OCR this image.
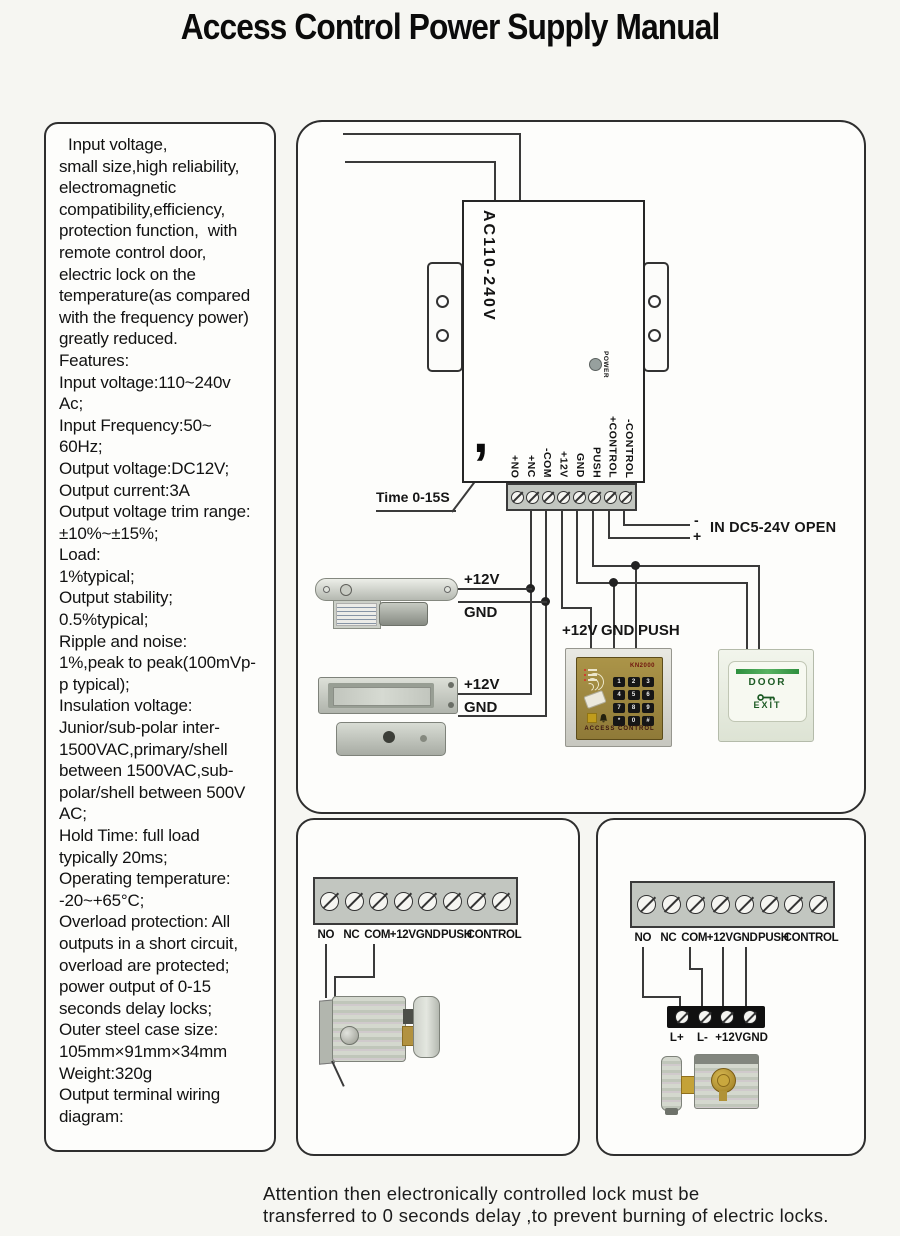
Access Control Power Supply Manual
Input voltage,
small size,high reliability,
electromagnetic
compatibility,efficiency,
protection function,  with
remote control door,
electric lock on the
temperature(as compared
with the frequency power)
greatly reduced.
Features:
Input voltage:110~240v
Ac;
Input Frequency:50~
60Hz;
Output voltage:DC12V;
Output current:3A
Output voltage trim range:
±10%~±15%;
Load:
1%typical;
Output stability;
0.5%typical;
Ripple and noise:
1%,peak to peak(100mVp-
p typical);
Insulation voltage:
Junior/sub-polar inter-
1500VAC,primary/shell
between 1500VAC,sub-
polar/shell between 500V
AC;
Hold Time: full load
typically 20ms;
Operating temperature:
-20~+65°C;
Overload protection: All
outputs in a short circuit,
overload are protected;
power output of 0-15
seconds delay locks;
Outer steel case size:
105mm×91mm×34mm
Weight:320g
Output terminal wiring
diagram:
AC110-240V
POWER
,
+NO +NC -COM +12V GND PUSH +CONTROL -CONTROL
Time 0-15S
-
+ IN DC5-24V OPEN
+12V
GND
+12V
GND
+12V GND PUSH
KN2000
1	2	3
4	5	6
7	8	9
*	0	#
ACCESS CONTROL
DOOR
EXIT
NO NC COM +12V GND PUSH
CONTROL	NO NC COM +12V GND PUSH
CONTROL
L+	L- +12V GND
Attention then electronically controlled lock must be
transferred to 0 seconds delay ,to prevent burning of electric locks.
